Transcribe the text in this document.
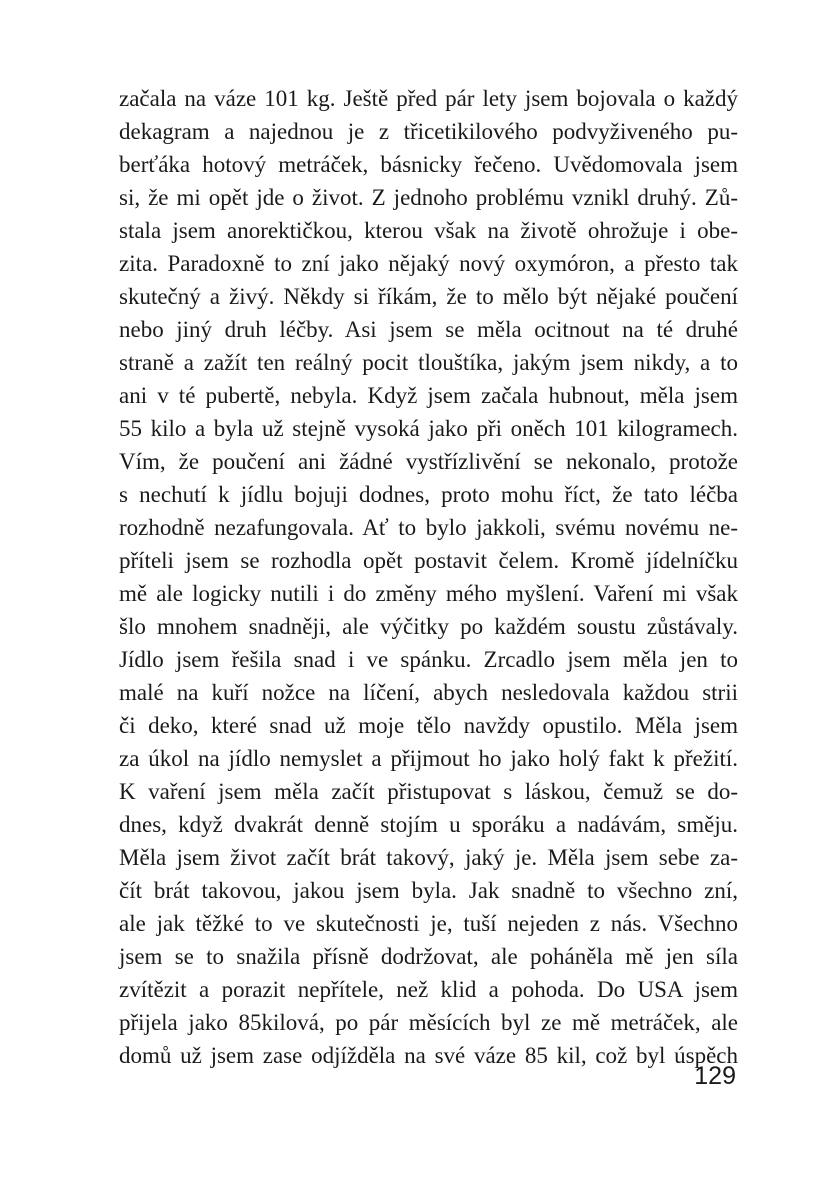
začala na váze 101 kg. Ještě před pár lety jsem bojovala o každý
dekagram a najednou je z třicetikilového podvyživeného pu-
berťáka hotový metráček, básnicky řečeno. Uvědomovala jsem
si, že mi opět jde o život. Z jednoho problému vznikl druhý. Zů-
stala jsem anorektičkou, kterou však na životě ohrožuje i obe-
zita. Paradoxně to zní jako nějaký nový oxymóron, a přesto tak
skutečný a živý. Někdy si říkám, že to mělo být nějaké poučení
nebo jiný druh léčby. Asi jsem se měla ocitnout na té druhé
straně a zažít ten reálný pocit tlouštíka, jakým jsem nikdy, a to
ani v té pubertě, nebyla. Když jsem začala hubnout, měla jsem
55 kilo a byla už stejně vysoká jako při oněch 101 kilogramech.
Vím, že poučení ani žádné vystřízlivění se nekonalo, protože
s nechutí k jídlu bojuji dodnes, proto mohu říct, že tato léčba
rozhodně nezafungovala. Ať to bylo jakkoli, svému novému ne-
příteli jsem se rozhodla opět postavit čelem. Kromě jídelníčku
mě ale logicky nutili i do změny mého myšlení. Vaření mi však
šlo mnohem snadněji, ale výčitky po každém soustu zůstávaly.
Jídlo jsem řešila snad i ve spánku. Zrcadlo jsem měla jen to
malé na kuří nožce na líčení, abych nesledovala každou strii
či deko, které snad už moje tělo navždy opustilo. Měla jsem
za úkol na jídlo nemyslet a přijmout ho jako holý fakt k přežití.
K vaření jsem měla začít přistupovat s láskou, čemuž se do-
dnes, když dvakrát denně stojím u sporáku a nadávám, směju.
Měla jsem život začít brát takový, jaký je. Měla jsem sebe za-
čít brát takovou, jakou jsem byla. Jak snadně to všechno zní,
ale jak těžké to ve skutečnosti je, tuší nejeden z nás. Všechno
jsem se to snažila přísně dodržovat, ale poháněla mě jen síla
zvítězit a porazit nepřítele, než klid a pohoda. Do USA jsem
přijela jako 85kilová, po pár měsících byl ze mě metráček, ale
domů už jsem zase odjížděla na své váze 85 kil, což byl úspěch
129
